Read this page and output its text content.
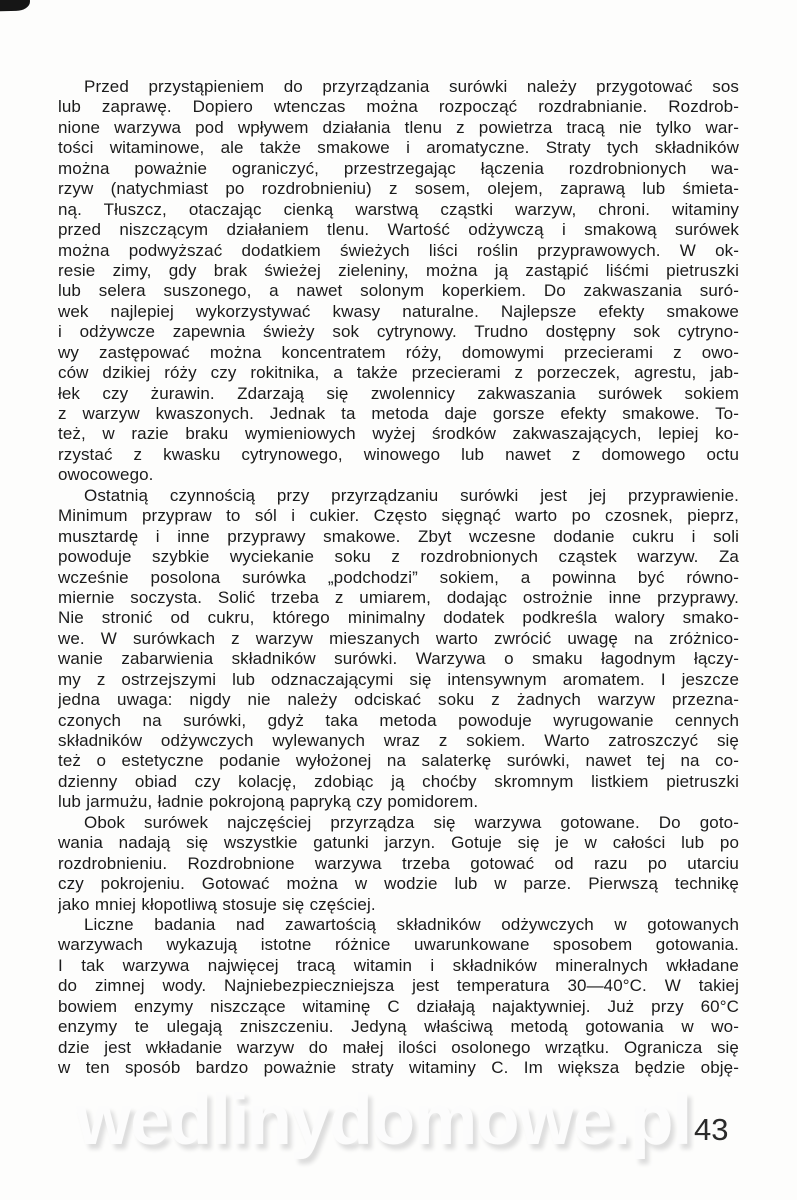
Przed przystąpieniem do przyrządzania surówki należy przygotować sos
lub zaprawę. Dopiero wtenczas można rozpocząć rozdrabnianie. Rozdrob-
nione warzywa pod wpływem działania tlenu z powietrza tracą nie tylko war-
tości witaminowe, ale także smakowe i aromatyczne. Straty tych składników
można poważnie ograniczyć, przestrzegając łączenia rozdrobnionych wa-
rzyw (natychmiast po rozdrobnieniu) z sosem, olejem, zaprawą lub śmieta-
ną. Tłuszcz, otaczając cienką warstwą cząstki warzyw, chroni. witaminy
przed niszczącym działaniem tlenu. Wartość odżywczą i smakową surówek
można podwyższać dodatkiem świeżych liści roślin przyprawowych. W ok-
resie zimy, gdy brak świeżej zieleniny, można ją zastąpić liśćmi pietruszki
lub selera suszonego, a nawet solonym koperkiem. Do zakwaszania suró-
wek najlepiej wykorzystywać kwasy naturalne. Najlepsze efekty smakowe
i odżywcze zapewnia świeży sok cytrynowy. Trudno dostępny sok cytryno-
wy zastępować można koncentratem róży, domowymi przecierami z owo-
ców dzikiej róży czy rokitnika, a także przecierami z porzeczek, agrestu, jab-
łek czy żurawin. Zdarzają się zwolennicy zakwaszania surówek sokiem
z warzyw kwaszonych. Jednak ta metoda daje gorsze efekty smakowe. To-
też, w razie braku wymieniowych wyżej środków zakwaszających, lepiej ko-
rzystać z kwasku cytrynowego, winowego lub nawet z domowego octu
owocowego.

Ostatnią czynnością przy przyrządzaniu surówki jest jej przyprawienie.
Minimum przypraw to sól i cukier. Często sięgnąć warto po czosnek, pieprz,
musztardę i inne przyprawy smakowe. Zbyt wczesne dodanie cukru i soli
powoduje szybkie wyciekanie soku z rozdrobnionych cząstek warzyw. Za
wcześnie posolona surówka „podchodzi” sokiem, a powinna być równo-
miernie soczysta. Solić trzeba z umiarem, dodając ostrożnie inne przyprawy.
Nie stronić od cukru, którego minimalny dodatek podkreśla walory smako-
we. W surówkach z warzyw mieszanych warto zwrócić uwagę na zróżnico-
wanie zabarwienia składników surówki. Warzywa o smaku łagodnym łączy-
my z ostrzejszymi lub odznaczającymi się intensywnym aromatem. I jeszcze
jedna uwaga: nigdy nie należy odciskać soku z żadnych warzyw przezna-
czonych na surówki, gdyż taka metoda powoduje wyrugowanie cennych
składników odżywczych wylewanych wraz z sokiem. Warto zatroszczyć się
też o estetyczne podanie wyłożonej na salaterkę surówki, nawet tej na co-
dzienny obiad czy kolację, zdobiąc ją choćby skromnym listkiem pietruszki
lub jarmużu, ładnie pokrojoną papryką czy pomidorem.

Obok surówek najczęściej przyrządza się warzywa gotowane. Do goto-
wania nadają się wszystkie gatunki jarzyn. Gotuje się je w całości lub po
rozdrobnieniu. Rozdrobnione warzywa trzeba gotować od razu po utarciu
czy pokrojeniu. Gotować można w wodzie lub w parze. Pierwszą technikę
jako mniej kłopotliwą stosuje się częściej.

Liczne badania nad zawartością składników odżywczych w gotowanych
warzywach wykazują istotne różnice uwarunkowane sposobem gotowania.
I tak warzywa najwięcej tracą witamin i składników mineralnych wkładane
do zimnej wody. Najniebezpieczniejsza jest temperatura 30—40°C. W takiej
bowiem enzymy niszczące witaminę C działają najaktywniej. Już przy 60°C
enzymy te ulegają zniszczeniu. Jedyną właściwą metodą gotowania w wo-
dzie jest wkładanie warzyw do małej ilości osolonego wrzątku. Ogranicza się
w ten sposób bardzo poważnie straty witaminy C. Im większa będzie obję-

wedlinydomowe.pl 43
